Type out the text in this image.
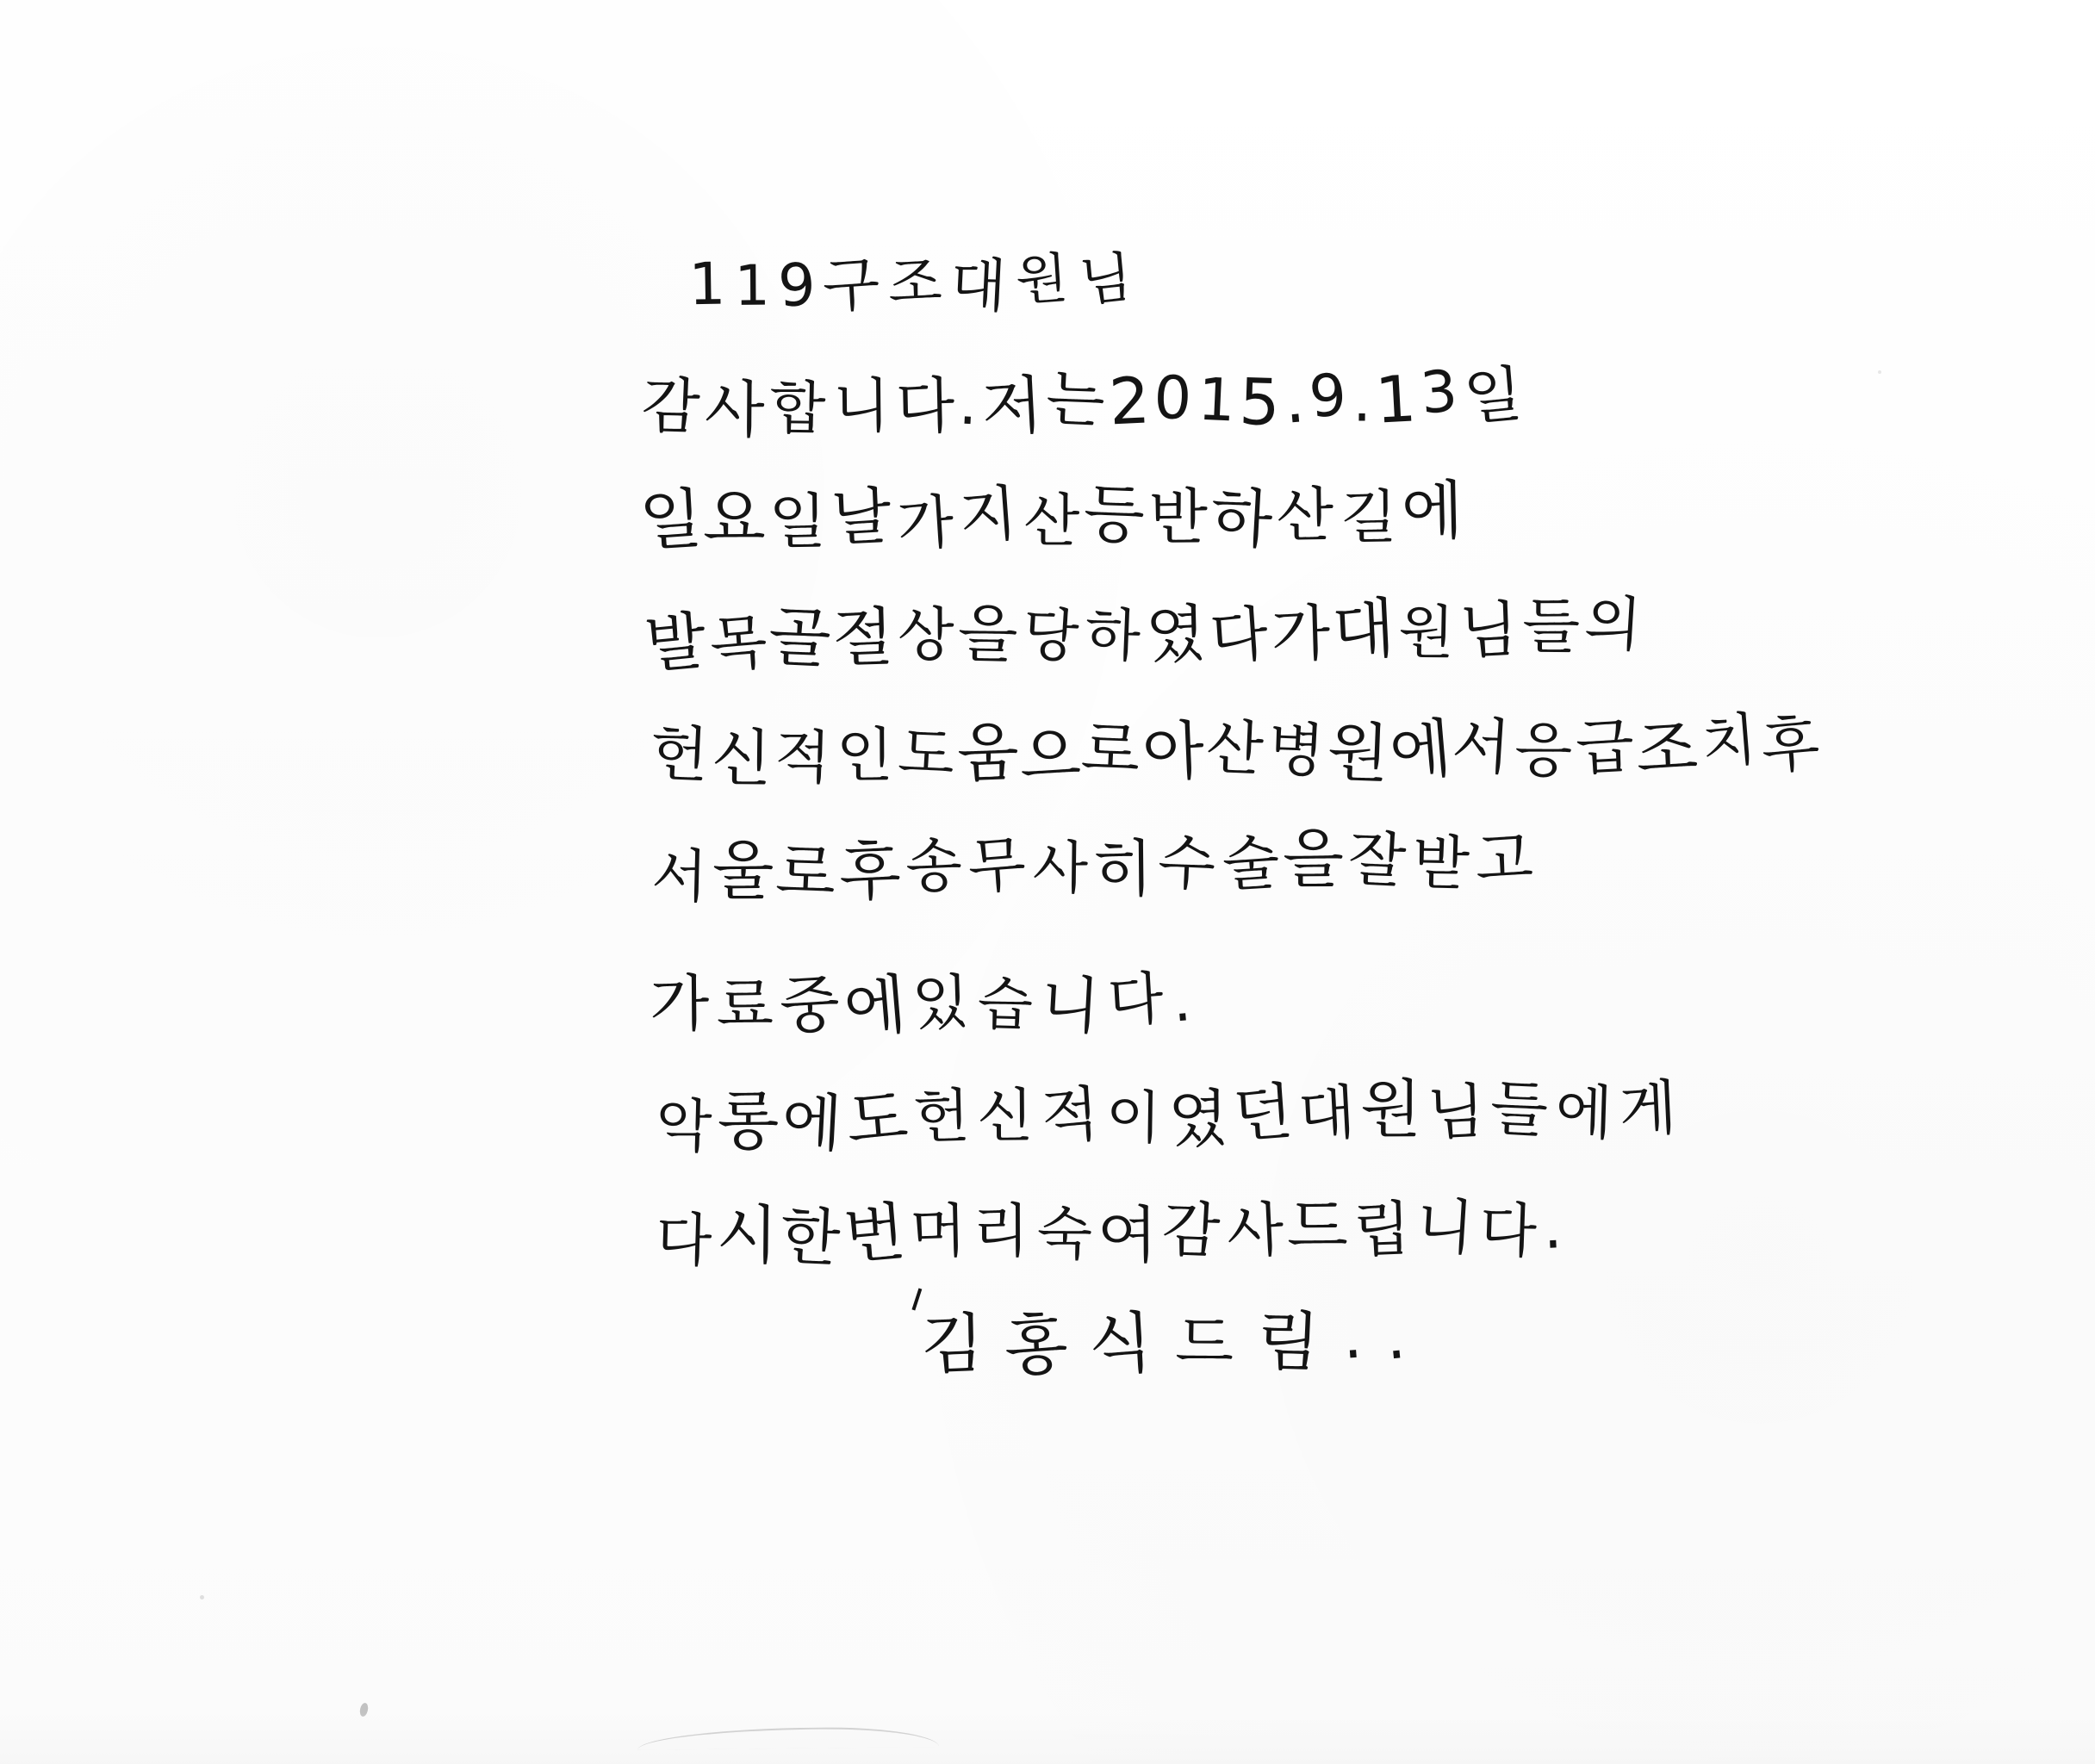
119구조대원님
감사합니다.저는2015.9.13일
일요일날가지산등반하산길에
발목골절상을당하였다가대원님들의
헌신적인도움으로아산병원에서응급조치후
서울로후송무사히수술을잘받고
가료중에있습니다.
악롱에도헌신적이였던대원님들에게
다시한번머리숙여감사드립니다.
김홍식드림..
